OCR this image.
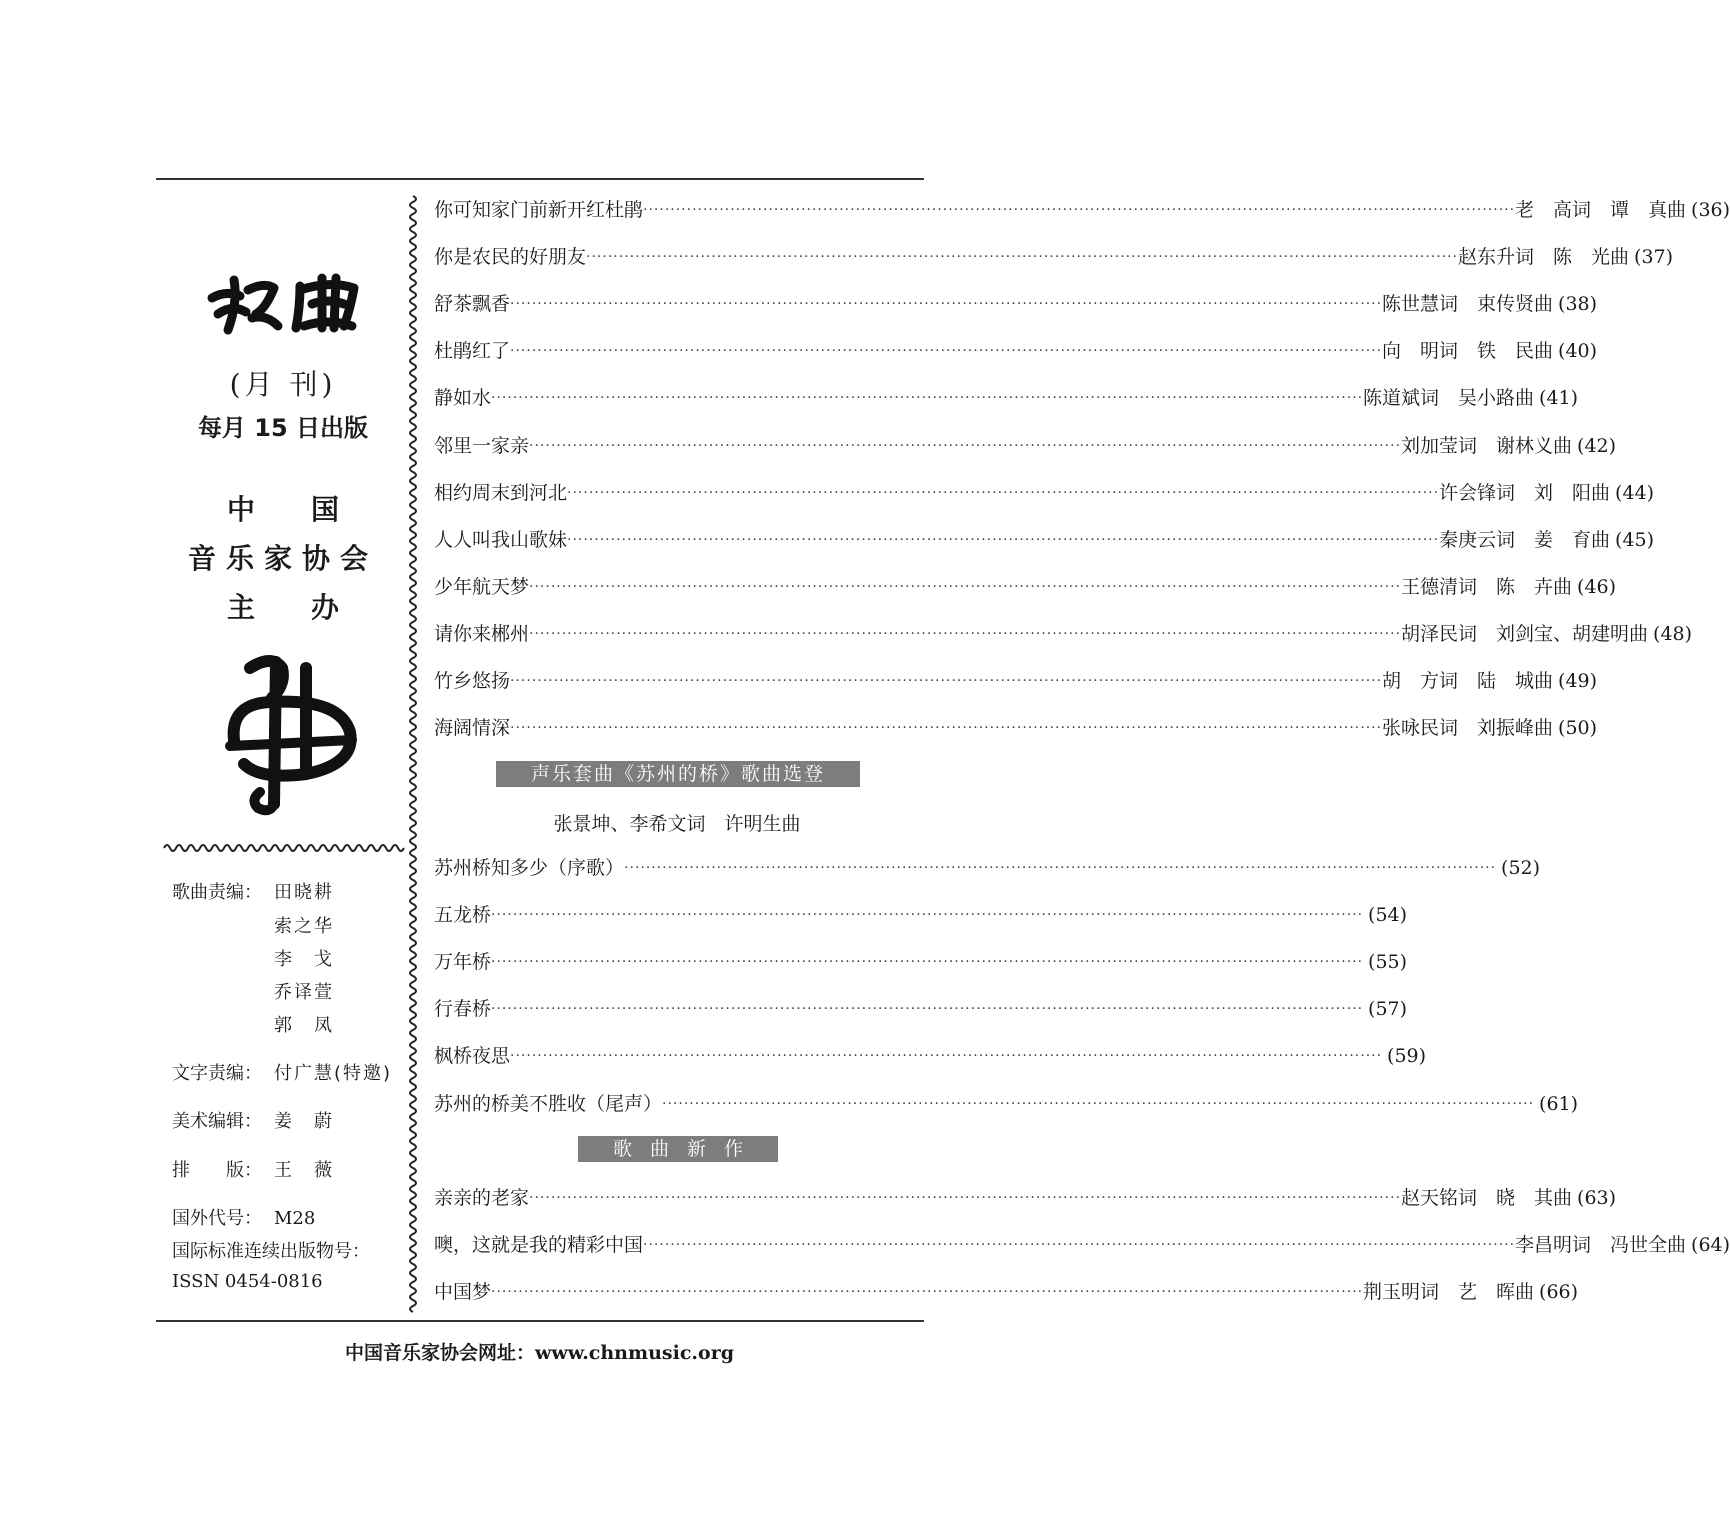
(月 刊)
每月 15 日出版
中国
音乐家协会
主办
歌曲责编： 田晓耕
索之华
李　戈
乔译萱
郭　凤
文字责编： 付广慧(特邀)
美术编辑： 姜　蔚
排　　版： 王　薇
国外代号： M28
国际标准连续出版物号：
ISSN 0454-0816
你可知家门前新开红杜鹃 ································································································································································ 老　高词　谭　真曲 (36)
你是农民的好朋友 ································································································································································ 赵东升词　陈　光曲 (37)
舒茶飘香 ································································································································································ 陈世慧词　束传贤曲 (38)
杜鹃红了 ································································································································································ 向　明词　铁　民曲 (40)
静如水 ································································································································································ 陈道斌词　吴小路曲 (41)
邻里一家亲 ································································································································································ 刘加莹词　谢林义曲 (42)
相约周末到河北 ································································································································································ 许会锋词　刘　阳曲 (44)
人人叫我山歌妹 ································································································································································ 秦庚云词　姜　育曲 (45)
少年航天梦 ································································································································································ 王德清词　陈　卉曲 (46)
请你来郴州 ································································································································································ 胡泽民词　刘剑宝、胡建明曲 (48)
竹乡悠扬 ································································································································································ 胡　方词　陆　城曲 (49)
海阔情深 ································································································································································ 张咏民词　刘振峰曲 (50)
声乐套曲《苏州的桥》歌曲选登
张景坤、李希文词　许明生曲
苏州桥知多少（序歌） ································································································································································ (52)
五龙桥 ································································································································································ (54)
万年桥 ································································································································································ (55)
行春桥 ································································································································································ (57)
枫桥夜思 ································································································································································ (59)
苏州的桥美不胜收（尾声） ································································································································································ (61)
歌曲新作
亲亲的老家 ································································································································································ 赵天铭词　晓　其曲 (63)
噢，这就是我的精彩中国 ································································································································································ 李昌明词　冯世全曲 (64)
中国梦 ································································································································································ 荆玉明词　艺　晖曲 (66)
中国音乐家协会网址：www.chnmusic.org
